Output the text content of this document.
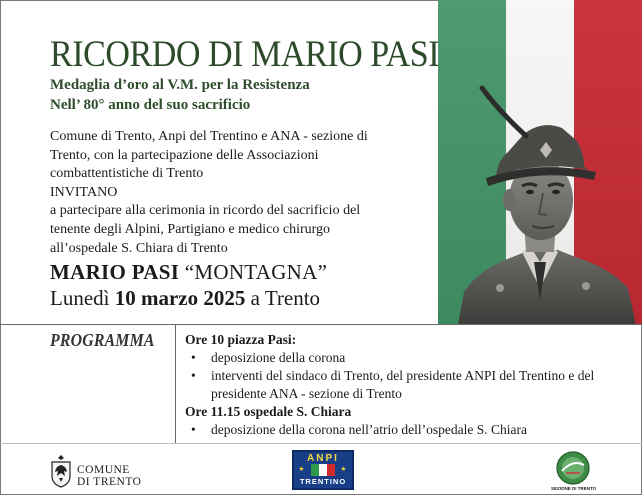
RICORDO DI MARIO PASI
Medaglia d’oro al V.M. per la Resistenza
Nell’ 80° anno del suo sacrificio
Comune di Trento, Anpi del Trentino e ANA - sezione di
Trento, con la partecipazione delle Associazioni
combattentistiche di Trento
INVITANO
a partecipare alla cerimonia in ricordo del sacrificio del
tenente degli Alpini, Partigiano e medico chirurgo
all’ospedale S. Chiara di Trento
MARIO PASI “MONTAGNA”
Lunedì 10 marzo 2025 a Trento
PROGRAMMA Ore 10 piazza Pasi:
• deposizione della corona
• interventi del sindaco di Trento, del presidente ANPI del Trentino e del presidente ANA - sezione di Trento
Ore 11.15 ospedale S. Chiara
• deposizione della corona nell’atrio dell’ospedale S. Chiara
COMUNE
DI TRENTO
ANPI
TRENTINO
SEZIONE DI TRENTO
